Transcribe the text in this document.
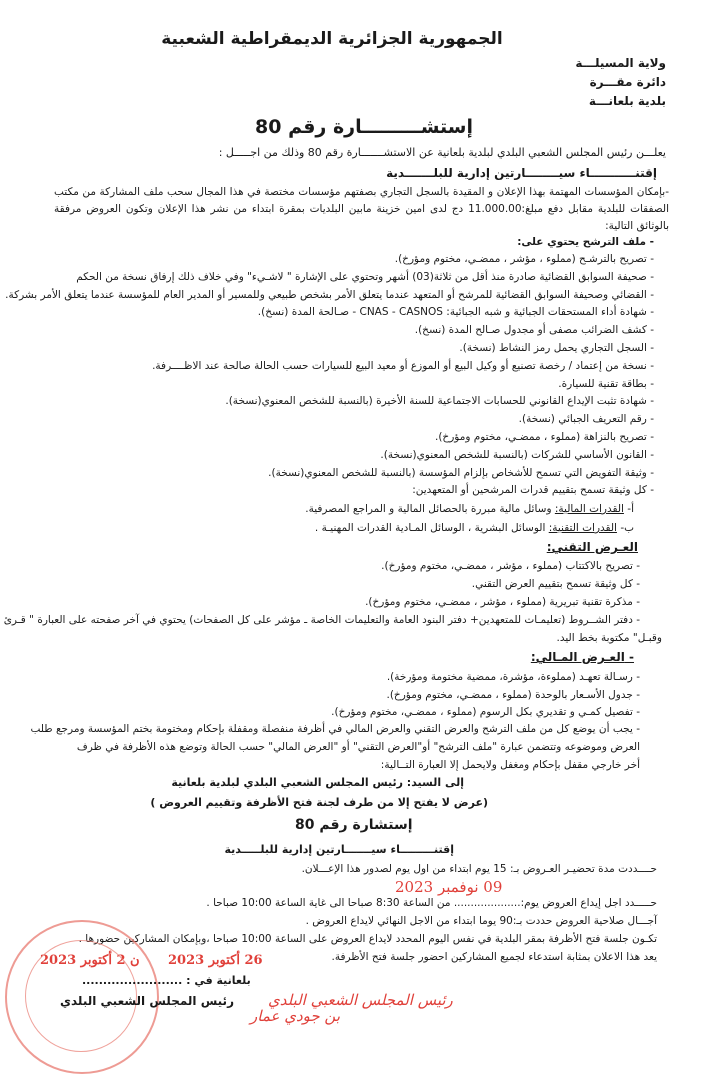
الجمهورية الجزائرية الديمقراطية الشعبية
ولاية المسيلـــة
دائرة مقـــرة
بلدية بلعانـــة
إستشـــــــــارة رقم 80
يعلـــن رئيس المجلس الشعبي البلدي لبلدية بلعانية عن الاستشـــــــارة رقم 80 وذلك من اجـــــل :
إقتنـــــــــــاء سيــــــــارتين إدارية للبلـــــــدية
-بإمكان المؤسسات المهتمة بهذا الإعلان و المقيدة بالسجل التجاري بصفتهم مؤسسات مختصة في هذا المجال سحب ملف المشاركة من مكتب الصفقات للبلدية مقابل دفع مبلغ:11.000.00 دج لدى امين خزينة مابين البلديات بمقرة ابتداء من نشر هذا الإعلان وتكون العروض مرفقة بالوثائق التالية:
- ملف الترشح يحتوي على:
- تصريح بالترشـح (مملوء ، مؤشر ، ممضـي، مختوم ومؤرخ).
- صحيفة السوابق القضائية صادرة منذ أقل من ثلاثة(03) أشهر وتحتوي على الإشارة " لاشـيء" وفي خلاف ذلك إرفاق نسخة من الحكم
- القضائي وصحيفة السوابق القضائية للمرشح أو المتعهد عندما يتعلق الأمر بشخص طبيعي وللمسير أو المدير العام للمؤسسة عندما يتعلق الأمر بشركة.
- شهادة أداء المستحقات الجبائية و شبه الجبائية: CNAS - CASNOS - صـالحة المدة (نسخ).
- كشف الضرائب مصفى أو مجدول صـالح المدة (نسخ).
- السجل التجاري يحمل رمز النشاط (نسخة).
- نسخة من إعتماد / رخصة تصنيع أو وكيل البيع أو الموزع أو معيد البيع للسيارات حسب الحالة صالحة عند الاظــــرفة.
- بطاقة تقنية للسيارة.
- شهادة تثبت الإيداع القانوني للحسابات الاجتماعية للسنة الأخيرة (بالنسبة للشخص المعنوي(نسخة).
- رقم التعريف الجبائي (نسخة).
- تصريح بالنزاهة (مملوء ، ممضـي، مختوم ومؤرخ).
- القانون الأساسي للشركات (بالنسبة للشخص المعنوي(نسخة).
- وثيقة التفويض التي تسمح للأشخاص بإلزام المؤسسة (بالنسبة للشخص المعنوي(نسخة).
- كل وثيقة تسمح بتقييم قدرات المرشحين أو المتعهدين:
أ- القدرات المالية: وسائل مالية مبررة بالحصائل المالية و المراجع المصرفية.
ب- القدرات التقنية: الوسائل البشرية ، الوسائل المـادية القدرات المهنيـة .
العـرض التقني:
- تصريح بالاكتتاب (مملوء ، مؤشر ، ممضـي، مختوم ومؤرخ).
- كل وثيقة تسمح بتقييم العرض التقني.
- مذكرة تقنية تبريرية (مملوء ، مؤشر ، ممضـي، مختوم ومؤرخ).
- دفتر الشــروط (تعليمـات للمتعهدين+ دفتر البنود العامة والتعليمات الخاصة ـ مؤشر على كل الصفحات) يحتوي في آخر صفحته على العبارة " قـرئ
وقبـل" مكتوبة بخط اليد.
- العـرض المـالي:
- رسـالة تعهـد (مملوءة، مؤشرة، ممضية مختومة ومؤرخة).
- جدول الأسـعار بالوحدة (مملوء ، ممضـي، مختوم ومؤرخ).
- تفصيل كمـي و تقديري بكل الرسوم (مملوء ، ممضـي، مختوم ومؤرخ).
- يجب أن يوضع كل من ملف الترشح والعرض التقني والعرض المالي في أظرفة منفصلة ومقفلة بإحكام ومختومة بختم المؤسسة ومرجع طلب
العرض وموضوعه وتتضمن عبارة "ملف الترشح" أو"العرض التقني" أو "العرض المالي" حسب الحالة وتوضع هذه الأظرفة في ظرف
أخر خارجي مقفل بإحكام ومغفل ولايحمل إلا العبارة التــالية:
إلى السيد: رئيس المجلس الشعبي البلدي لبلدية بلعانية
(عرض لا يفتح إلا من طرف لجنة فتح الأظرفة وتقييم العروض )
إستشارة رقم 80
إقتنـــــــــاء سيـــــــارتين إدارية للبلـــــدية
حــــددت مدة تحضيـر العـروض بـ: 15 يوم ابتداء من اول يوم لصدور هذا الإعـــلان.
حـــــدد اجل إيداع العروض يوم:.................... من الساعة 8:30 صباحا الى غاية الساعة 10:00 صباحا .
آجـــال صلاحية العروض حددت بـ:90 يوما ابتداء من الاجل النهائي لايداع العروض .
تكـون جلسة فتح الأظرفة بمقر البلدية في نفس اليوم المحدد لايداع العروض على الساعة 10:00 صباحا ،وبإمكان المشاركين حضورها .
يعد هذا الاعلان بمثابة استدعاء لجميع المشاركين احضور جلسة فتح الأظرفة.
09 نوفمبر 2023
26 أكتوبر 2023
ن 2 أكتوبر 2023
بلعانية في : ........................
رئيس المجلس الشعبي البلدي رئيس المجلس الشعبي البلدي
بن جودي عمار
